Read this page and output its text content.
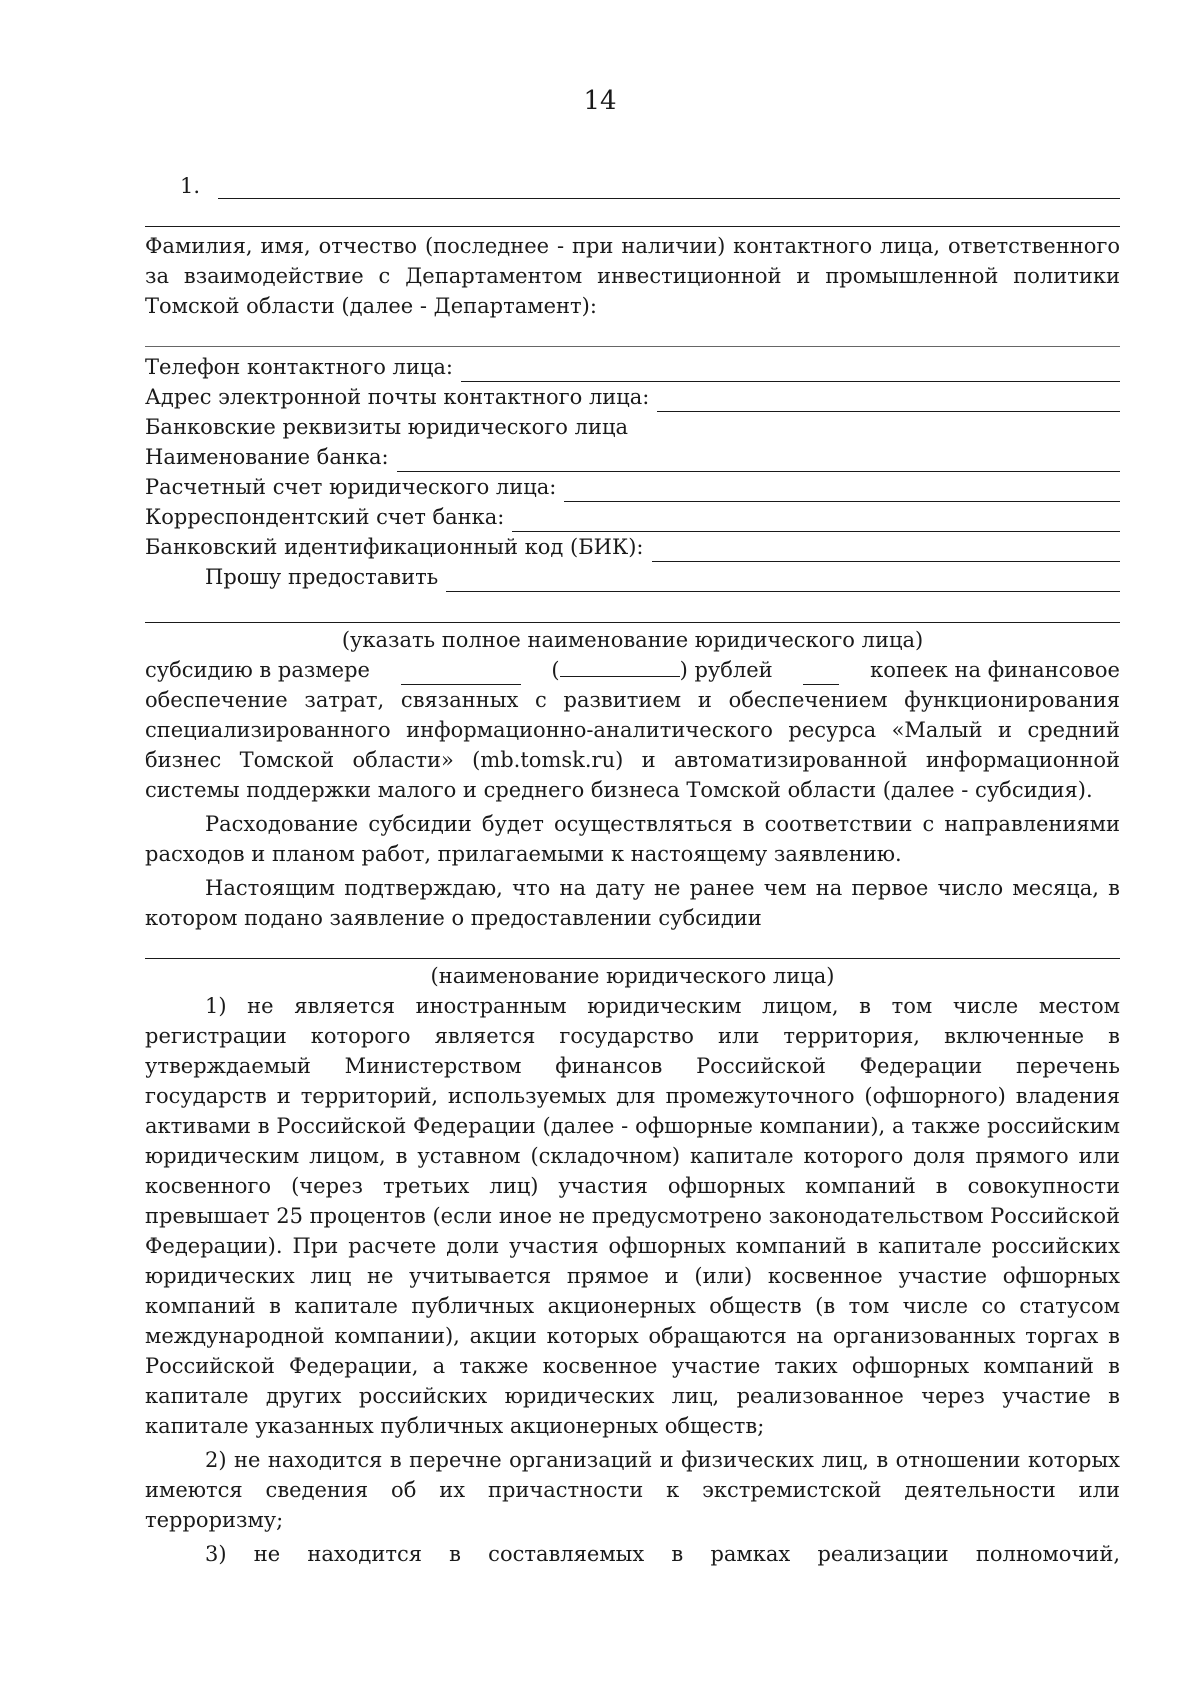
14
1.
Фамилия, имя, отчество (последнее - при наличии) контактного лица, ответственного
за взаимодействие с Департаментом инвестиционной и промышленной политики
Томской области (далее - Департамент):
Телефон контактного лица:
Адрес электронной почты контактного лица:
Банковские реквизиты юридического лица
Наименование банка:
Расчетный счет юридического лица:
Корреспондентский счет банка:
Банковский идентификационный код (БИК):
Прошу предоставить
(указать полное наименование юридического лица)
субсидию в размере	(	) рублей	копеек на финансовое
обеспечение затрат, связанных с развитием и обеспечением функционирования
специализированного информационно-аналитического ресурса «Малый и средний
бизнес Томской области» (mb.tomsk.ru) и автоматизированной информационной
системы поддержки малого и среднего бизнеса Томской области (далее - субсидия).
Расходование субсидии будет осуществляться в соответствии с направлениями
расходов и планом работ, прилагаемыми к настоящему заявлению.
Настоящим подтверждаю, что на дату не ранее чем на первое число месяца, в
котором подано заявление о предоставлении субсидии
(наименование юридического лица)
1) не является иностранным юридическим лицом, в том числе местом
регистрации которого является государство или территория, включенные в
утверждаемый Министерством финансов Российской Федерации перечень
государств и территорий, используемых для промежуточного (офшорного) владения
активами в Российской Федерации (далее - офшорные компании), а также российским
юридическим лицом, в уставном (складочном) капитале которого доля прямого или
косвенного (через третьих лиц) участия офшорных компаний в совокупности
превышает 25 процентов (если иное не предусмотрено законодательством Российской
Федерации). При расчете доли участия офшорных компаний в капитале российских
юридических лиц не учитывается прямое и (или) косвенное участие офшорных
компаний в капитале публичных акционерных обществ (в том числе со статусом
международной компании), акции которых обращаются на организованных торгах в
Российской Федерации, а также косвенное участие таких офшорных компаний в
капитале других российских юридических лиц, реализованное через участие в
капитале указанных публичных акционерных обществ;
2) не находится в перечне организаций и физических лиц, в отношении которых
имеются сведения об их причастности к экстремистской деятельности или
терроризму;
3) не находится в составляемых в рамках реализации полномочий,
